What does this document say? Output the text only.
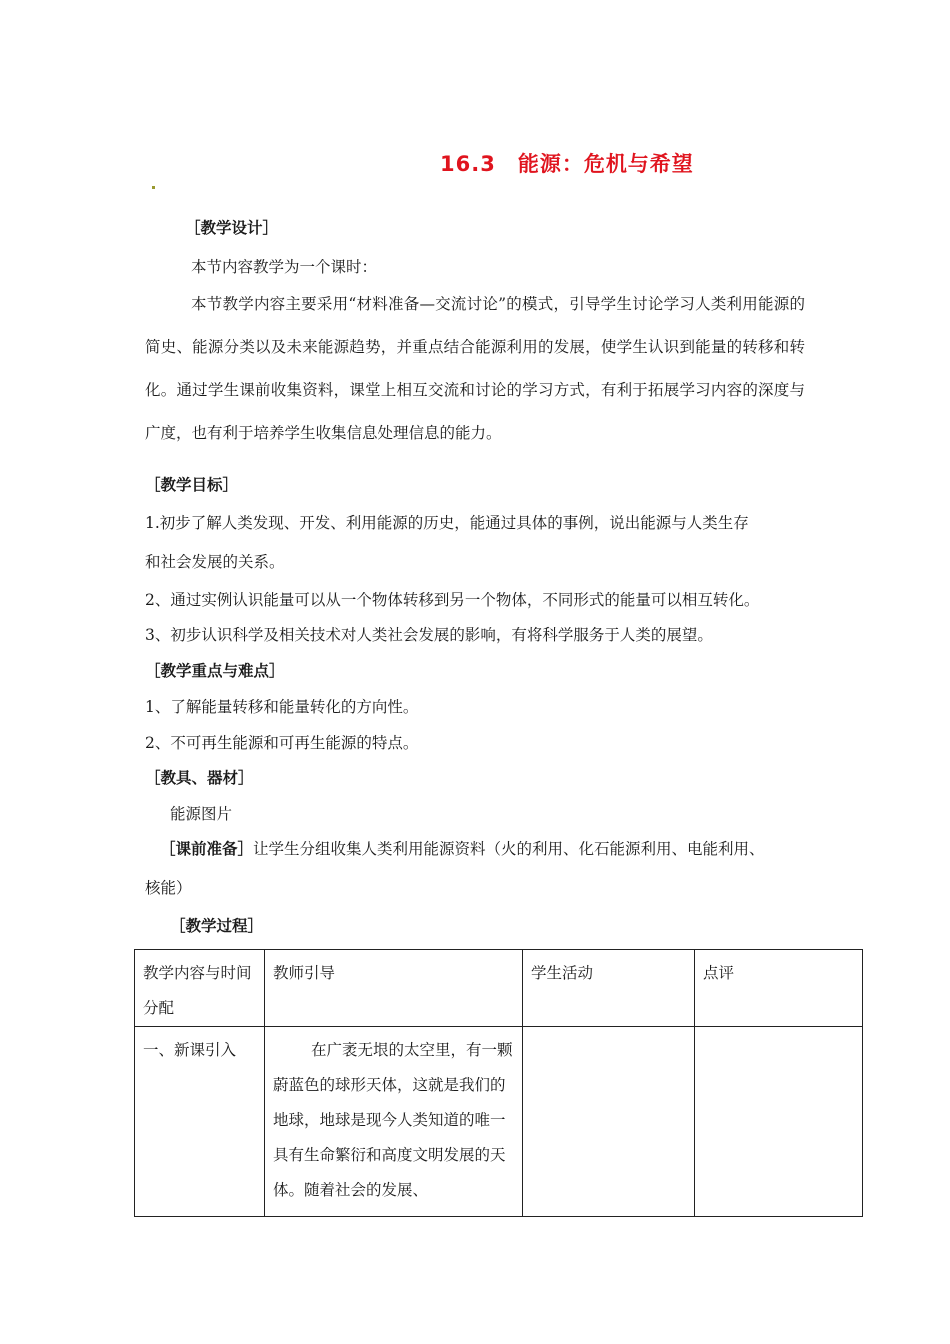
16.3　能源：危机与希望
［教学设计］
本节内容教学为一个课时：
本节教学内容主要采用“材料准备—交流讨论”的模式，引导学生讨论学习人类利用能源的简史、能源分类以及未来能源趋势，并重点结合能源利用的发展，使学生认识到能量的转移和转化。通过学生课前收集资料，课堂上相互交流和讨论的学习方式，有利于拓展学习内容的深度与广度，也有利于培养学生收集信息处理信息的能力。
［教学目标］
1.初步了解人类发现、开发、利用能源的历史，能通过具体的事例，说出能源与人类生存
和社会发展的关系。
2、通过实例认识能量可以从一个物体转移到另一个物体，不同形式的能量可以相互转化。
3、初步认识科学及相关技术对人类社会发展的影响，有将科学服务于人类的展望。
［教学重点与难点］
1、了解能量转移和能量转化的方向性。
2、不可再生能源和可再生能源的特点。
［教具、器材］
能源图片
［课前准备］让学生分组收集人类利用能源资料（火的利用、化石能源利用、电能利用、
核能）
［教学过程］
教学内容与时间分配	教师引导	学生活动	点评
一、新课引入	在广袤无垠的太空里，有一颗蔚蓝色的球形天体，这就是我们的地球，地球是现今人类知道的唯一具有生命繁衍和高度文明发展的天体。随着社会的发展、		
